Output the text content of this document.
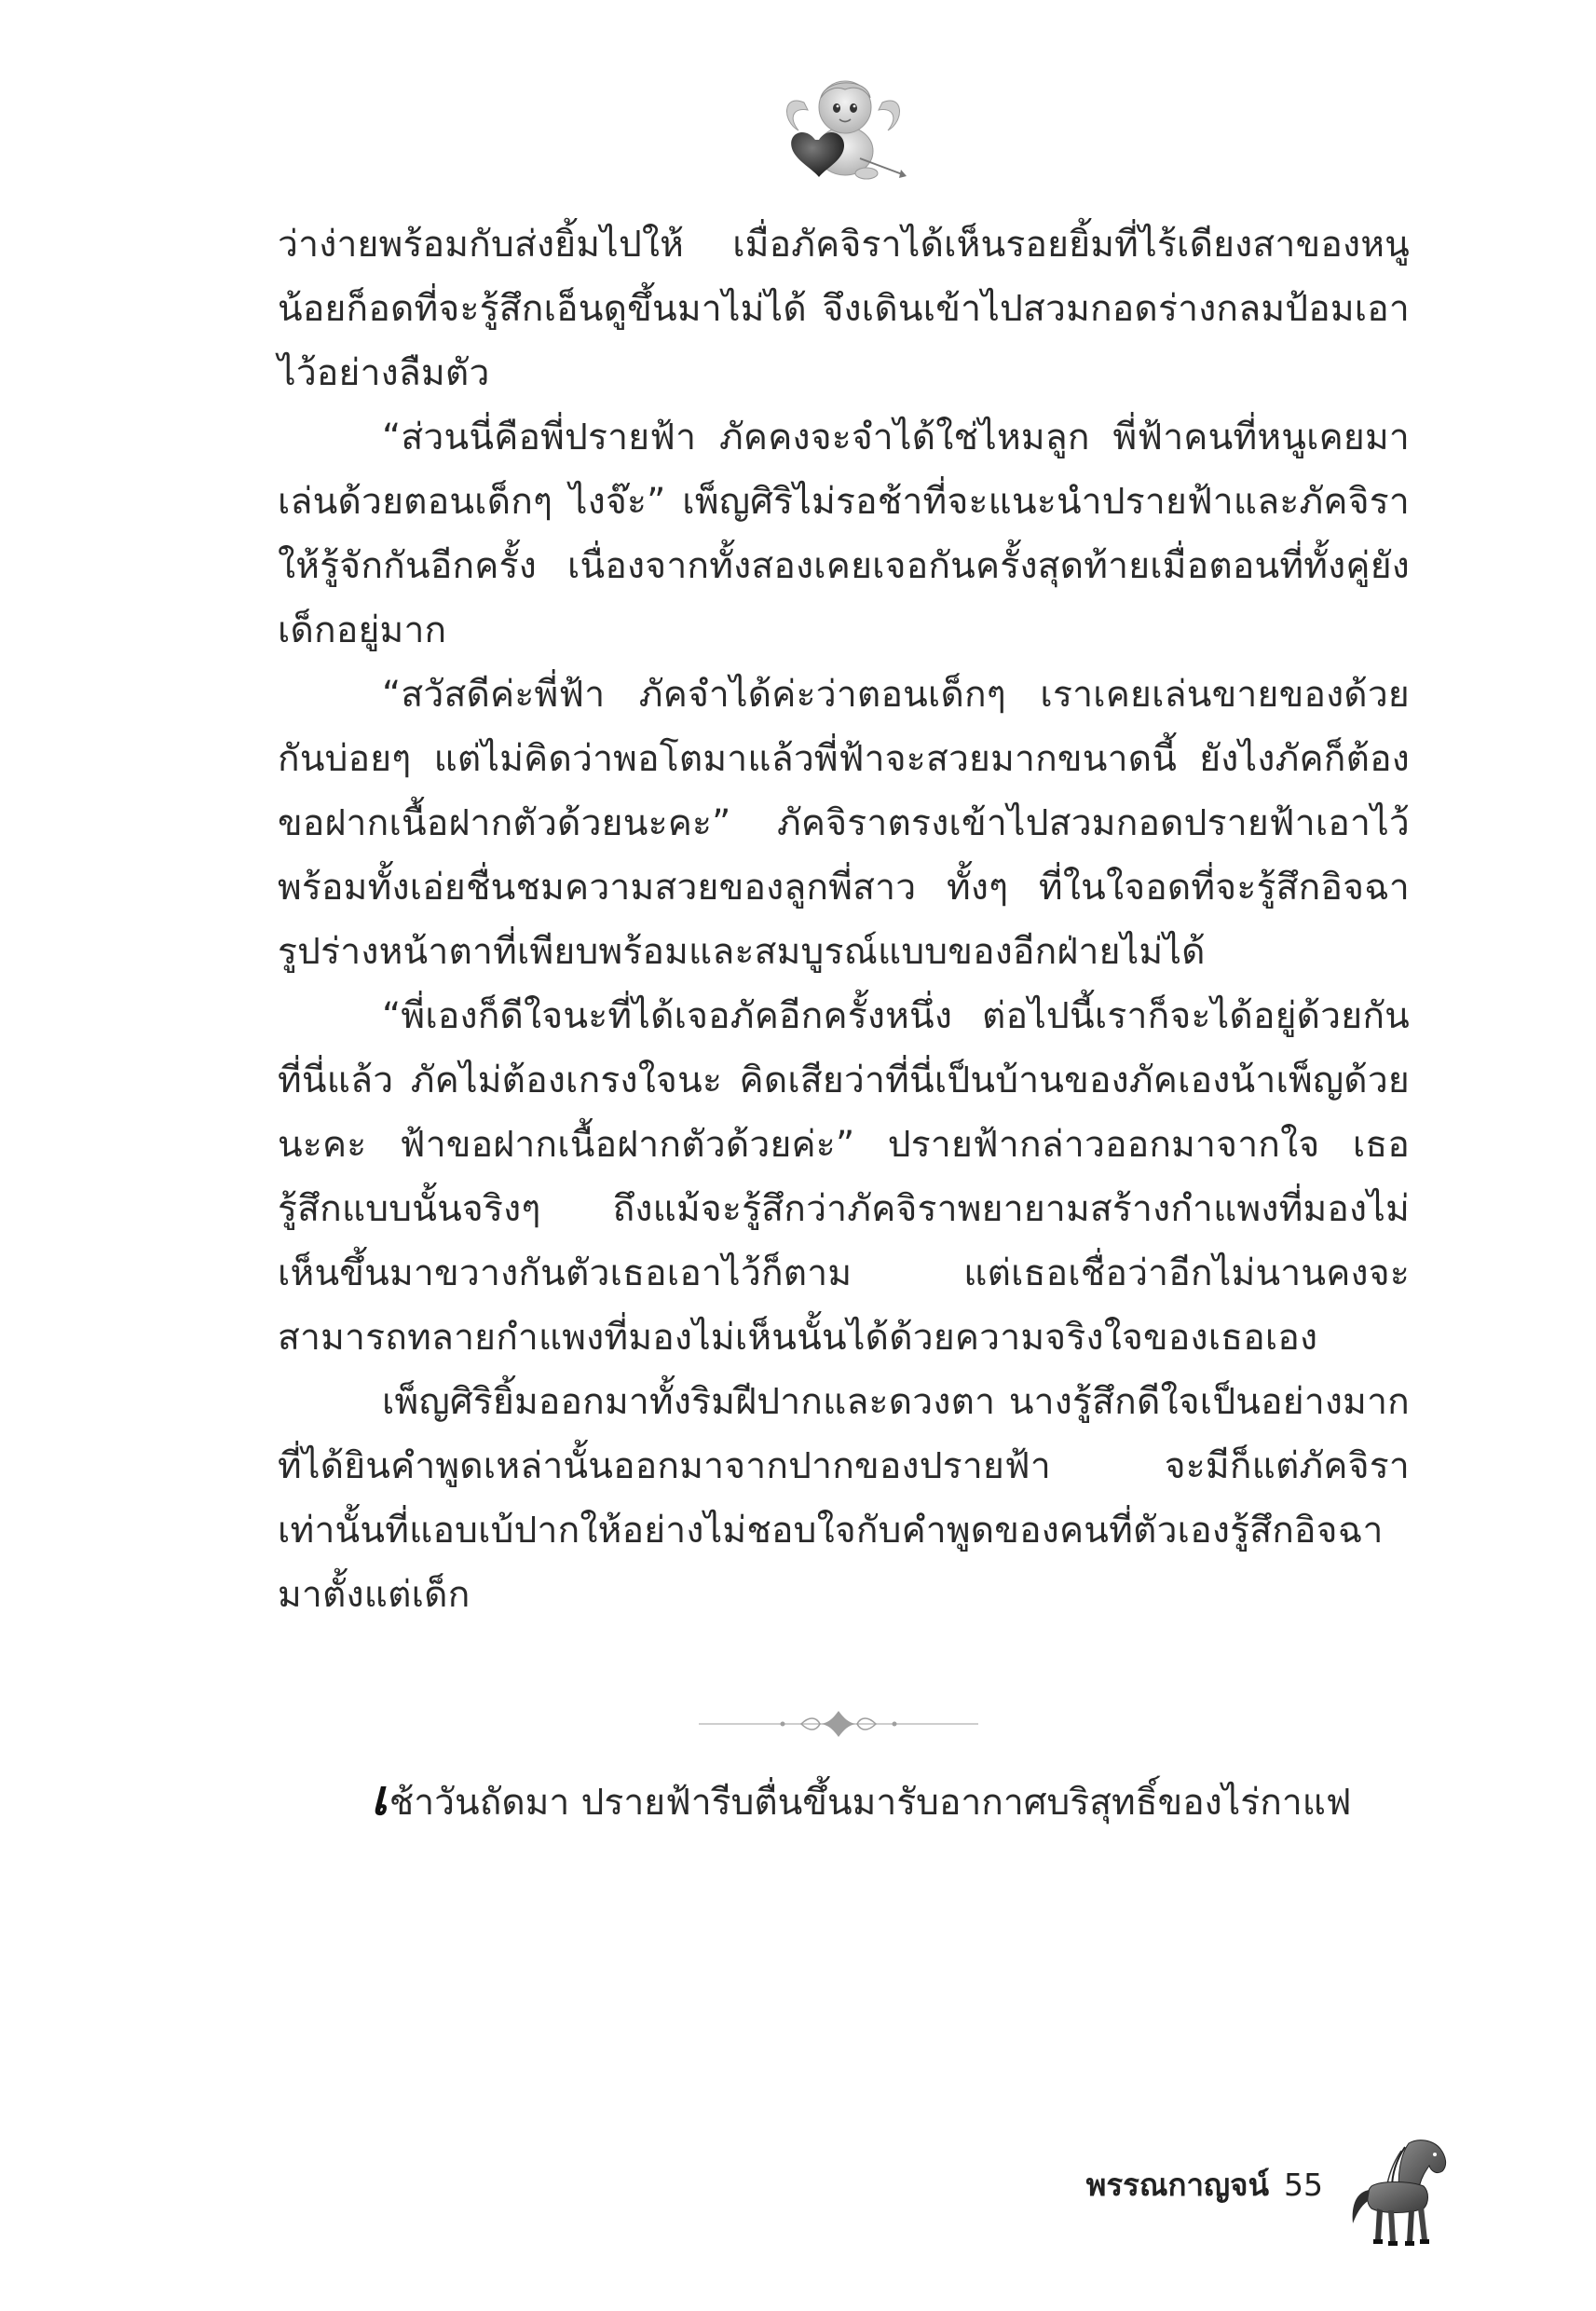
ว่าง่ายพร้อมกับส่งยิ้มไปให้ เมื่อภัคจิราได้เห็นรอยยิ้มที่ไร้เดียงสาของหนูน้อยก็อดที่จะรู้สึกเอ็นดูขึ้นมาไม่ได้ จึงเดินเข้าไปสวมกอดร่างกลมป้อมเอาไว้อย่างลืมตัว

“ส่วนนี่คือพี่ปรายฟ้า ภัคคงจะจำได้ใช่ไหมลูก พี่ฟ้าคนที่หนูเคยมาเล่นด้วยตอนเด็กๆ ไงจ๊ะ” เพ็ญศิริไม่รอช้าที่จะแนะนำปรายฟ้าและภัคจิราให้รู้จักกันอีกครั้ง เนื่องจากทั้งสองเคยเจอกันครั้งสุดท้ายเมื่อตอนที่ทั้งคู่ยังเด็กอยู่มาก

“สวัสดีค่ะพี่ฟ้า ภัคจำได้ค่ะว่าตอนเด็กๆ เราเคยเล่นขายของด้วยกันบ่อยๆ แต่ไม่คิดว่าพอโตมาแล้วพี่ฟ้าจะสวยมากขนาดนี้ ยังไงภัคก็ต้องขอฝากเนื้อฝากตัวด้วยนะคะ” ภัคจิราตรงเข้าไปสวมกอดปรายฟ้าเอาไว้ พร้อมทั้งเอ่ยชื่นชมความสวยของลูกพี่สาว ทั้งๆ ที่ในใจอดที่จะรู้สึกอิจฉารูปร่างหน้าตาที่เพียบพร้อมและสมบูรณ์แบบของอีกฝ่ายไม่ได้

“พี่เองก็ดีใจนะที่ได้เจอภัคอีกครั้งหนึ่ง ต่อไปนี้เราก็จะได้อยู่ด้วยกันที่นี่แล้ว ภัคไม่ต้องเกรงใจนะ คิดเสียว่าที่นี่เป็นบ้านของภัคเองน้าเพ็ญด้วยนะคะ ฟ้าขอฝากเนื้อฝากตัวด้วยค่ะ” ปรายฟ้ากล่าวออกมาจากใจ เธอรู้สึกแบบนั้นจริงๆ ถึงแม้จะรู้สึกว่าภัคจิราพยายามสร้างกำแพงที่มองไม่เห็นขึ้นมาขวางกันตัวเธอเอาไว้ก็ตาม แต่เธอเชื่อว่าอีกไม่นานคงจะสามารถทลายกำแพงที่มองไม่เห็นนั้นได้ด้วยความจริงใจของเธอเอง

เพ็ญศิริยิ้มออกมาทั้งริมฝีปากและดวงตา นางรู้สึกดีใจเป็นอย่างมากที่ได้ยินคำพูดเหล่านั้นออกมาจากปากของปรายฟ้า จะมีก็แต่ภัคจิราเท่านั้นที่แอบเบ้ปากให้อย่างไม่ชอบใจกับคำพูดของคนที่ตัวเองรู้สึกอิจฉามาตั้งแต่เด็ก

เ ช้าวันถัดมา ปรายฟ้ารีบตื่นขึ้นมารับอากาศบริสุทธิ์ของไร่กาแฟ
พรรณกาญจน์ 55
